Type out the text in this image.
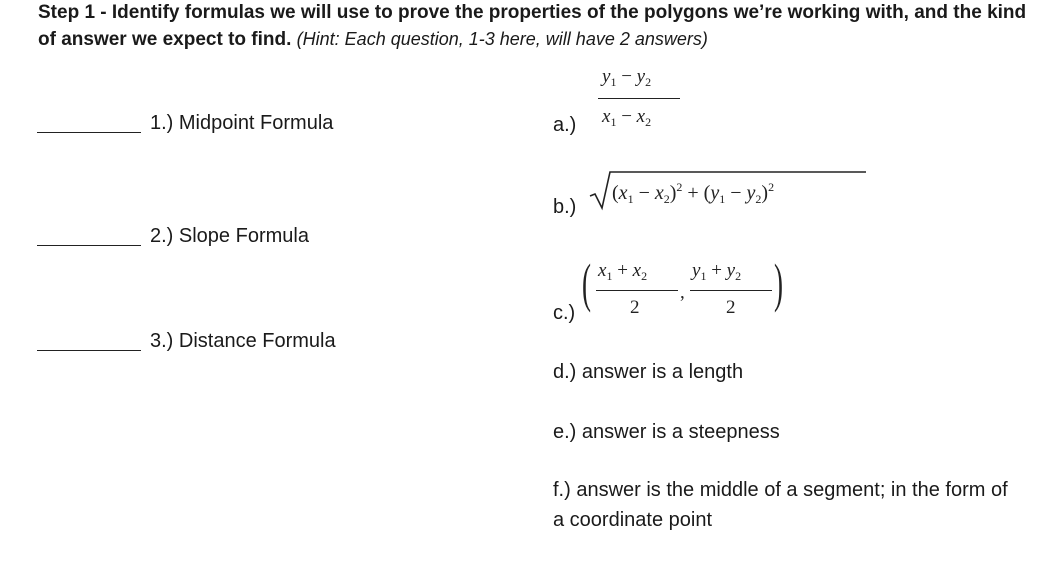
Step 1 - Identify formulas we will use to prove the properties of the polygons we’re working with, and the kind of answer we expect to find. (Hint: Each question, 1-3 here, will have 2 answers)
1.) Midpoint Formula
2.) Slope Formula
3.) Distance Formula
a.)
$y_1 - y_2$
$x_1 - x_2$
b.)
$(x_1 - x_2)^2 + (y_1 - y_2)^2$
c.) ( $x_1 + x_2$
2
,
$y_1 + y_2$
2 )
d.) answer is a length
e.) answer is a steepness
f.) answer is the middle of a segment; in the form of a coordinate point
